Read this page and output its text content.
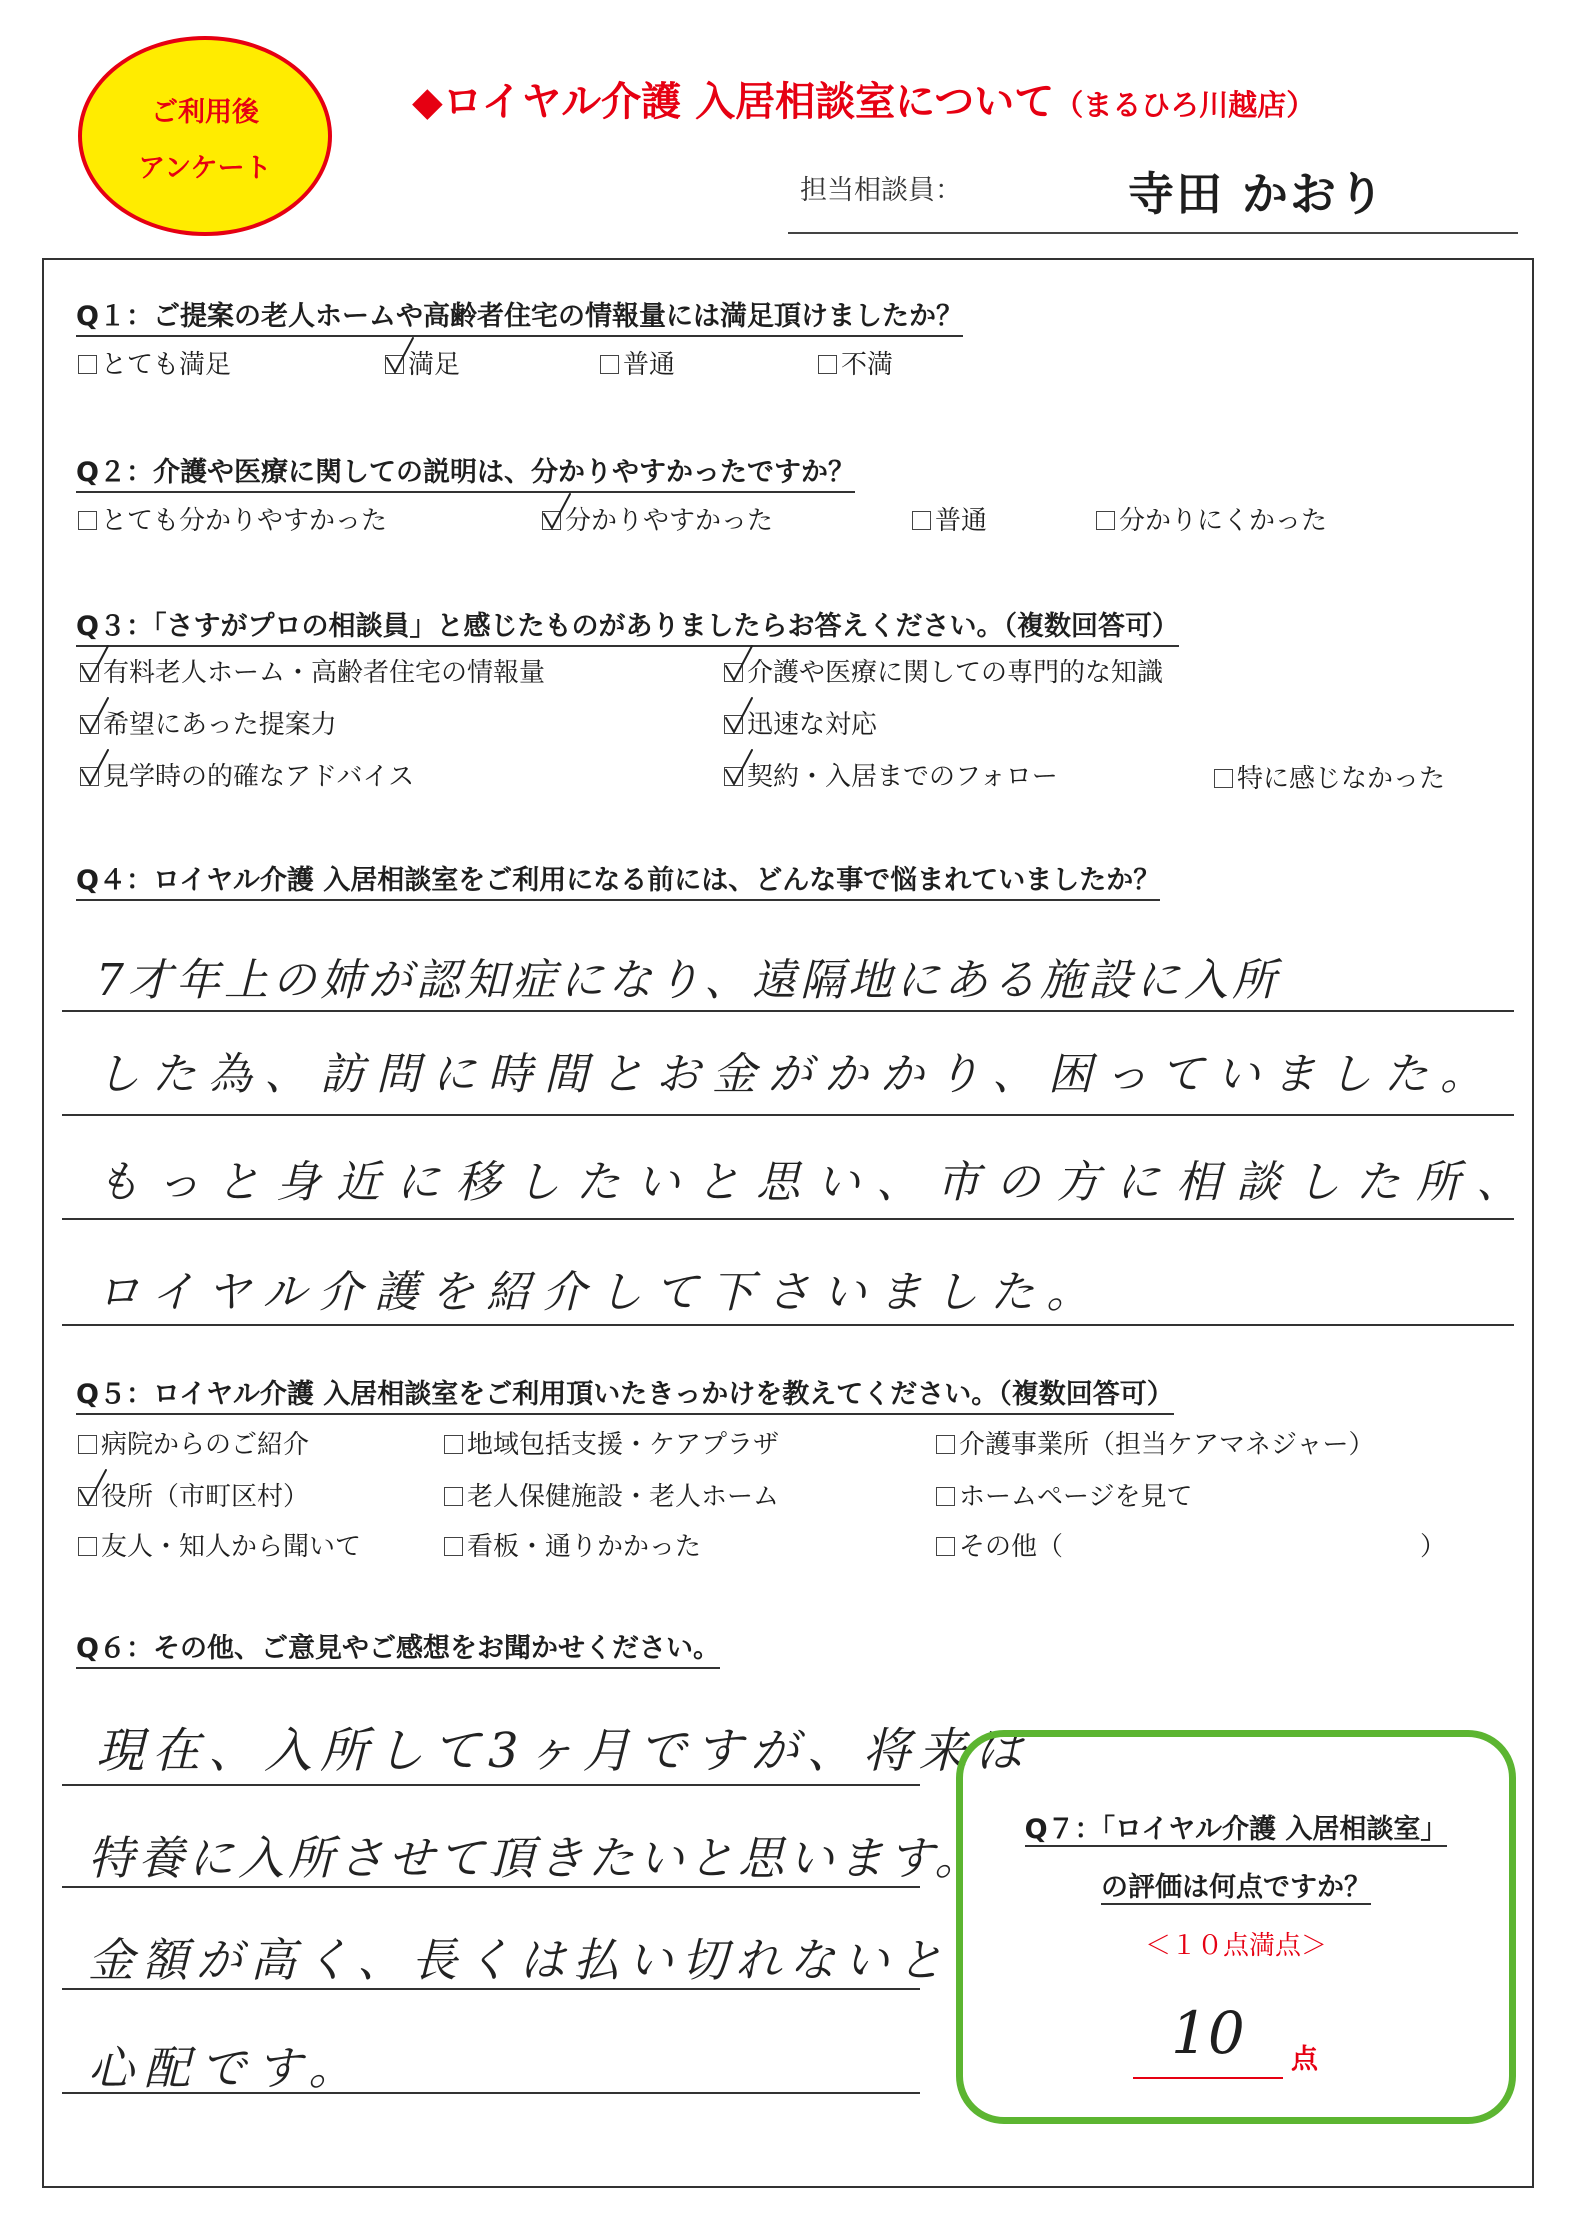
ご利用後
アンケート
◆ロイヤル介護 入居相談室について（まるひろ川越店）
担当相談員：	寺田 かおり
Q１：ご提案の老人ホームや高齢者住宅の情報量には満足頂けましたか？
とても満足	満足	普通	不満
Q２：介護や医療に関しての説明は、分かりやすかったですか？
とても分かりやすかった	分かりやすかった	普通	分かりにくかった
Q３：「さすがプロの相談員」と感じたものがありましたらお答えください。（複数回答可）
有料老人ホーム・高齢者住宅の情報量	介護や医療に関しての専門的な知識
希望にあった提案力	迅速な対応
見学時の的確なアドバイス	契約・入居までのフォロー	特に感じなかった
Q４：ロイヤル介護 入居相談室をご利用になる前には、どんな事で悩まれていましたか？
7才年上の姉が認知症になり、遠隔地にある施設に入所
した為、訪問に時間とお金がかかり、困っていました。
もっと身近に移したいと思い、市の方に相談した所、
ロイヤル介護を紹介して下さいました。
Q５：ロイヤル介護 入居相談室をご利用頂いたきっかけを教えてください。（複数回答可）
病院からのご紹介	地域包括支援・ケアプラザ	介護事業所（担当ケアマネジャー）
役所（市町区村）	老人保健施設・老人ホーム	ホームページを見て
友人・知人から聞いて	看板・通りかかった	その他（	）
Q６：その他、ご意見やご感想をお聞かせください。
現在、入所して3ヶ月ですが、将来は
特養に入所させて頂きたいと思います。
金額が高く、長くは払い切れないと
心配です。
Q７：「ロイヤル介護 入居相談室」
の評価は何点ですか？
＜１０点満点＞
10 点
